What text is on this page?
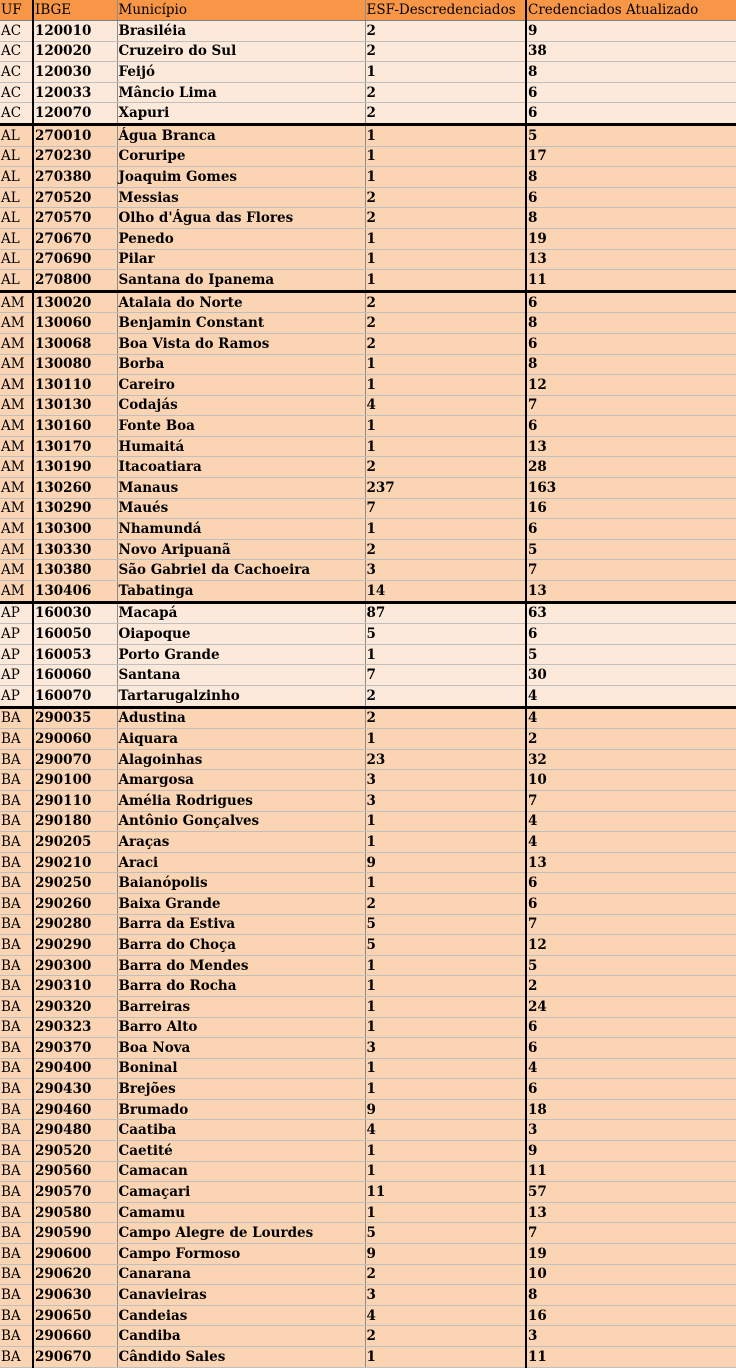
UF	IBGE	Município	ESF-Descredenciados	Credenciados Atualizado
AC	120010	Brasiléia	2	9
AC	120020	Cruzeiro do Sul	2	38
AC	120030	Feijó	1	8
AC	120033	Mâncio Lima	2	6
AC	120070	Xapuri	2	6
AL	270010	Água Branca	1	5
AL	270230	Coruripe	1	17
AL	270380	Joaquim Gomes	1	8
AL	270520	Messias	2	6
AL	270570	Olho d'Água das Flores	2	8
AL	270670	Penedo	1	19
AL	270690	Pilar	1	13
AL	270800	Santana do Ipanema	1	11
AM	130020	Atalaia do Norte	2	6
AM	130060	Benjamin Constant	2	8
AM	130068	Boa Vista do Ramos	2	6
AM	130080	Borba	1	8
AM	130110	Careiro	1	12
AM	130130	Codajás	4	7
AM	130160	Fonte Boa	1	6
AM	130170	Humaitá	1	13
AM	130190	Itacoatiara	2	28
AM	130260	Manaus	237	163
AM	130290	Maués	7	16
AM	130300	Nhamundá	1	6
AM	130330	Novo Aripuanã	2	5
AM	130380	São Gabriel da Cachoeira	3	7
AM	130406	Tabatinga	14	13
AP	160030	Macapá	87	63
AP	160050	Oiapoque	5	6
AP	160053	Porto Grande	1	5
AP	160060	Santana	7	30
AP	160070	Tartarugalzinho	2	4
BA	290035	Adustina	2	4
BA	290060	Aiquara	1	2
BA	290070	Alagoinhas	23	32
BA	290100	Amargosa	3	10
BA	290110	Amélia Rodrigues	3	7
BA	290180	Antônio Gonçalves	1	4
BA	290205	Araças	1	4
BA	290210	Araci	9	13
BA	290250	Baianópolis	1	6
BA	290260	Baixa Grande	2	6
BA	290280	Barra da Estiva	5	7
BA	290290	Barra do Choça	5	12
BA	290300	Barra do Mendes	1	5
BA	290310	Barra do Rocha	1	2
BA	290320	Barreiras	1	24
BA	290323	Barro Alto	1	6
BA	290370	Boa Nova	3	6
BA	290400	Boninal	1	4
BA	290430	Brejões	1	6
BA	290460	Brumado	9	18
BA	290480	Caatiba	4	3
BA	290520	Caetité	1	9
BA	290560	Camacan	1	11
BA	290570	Camaçari	11	57
BA	290580	Camamu	1	13
BA	290590	Campo Alegre de Lourdes	5	7
BA	290600	Campo Formoso	9	19
BA	290620	Canarana	2	10
BA	290630	Canavieiras	3	8
BA	290650	Candeias	4	16
BA	290660	Candiba	2	3
BA	290670	Cândido Sales	1	11
